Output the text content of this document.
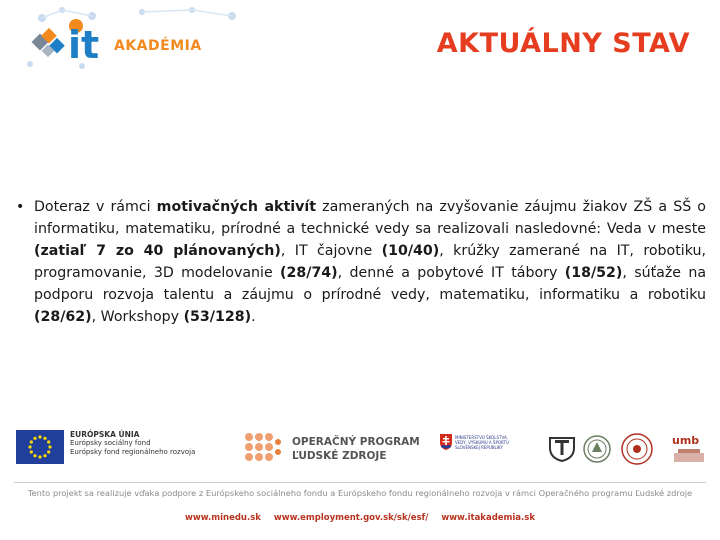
it AKADÉMIA	AKTUÁLNY STAV
• Doteraz v rámci motivačných aktivít zameraných na zvyšovanie záujmu žiakov ZŠ a SŠ o informatiku, matematiku, prírodné a technické vedy sa realizovali nasledovné: Veda v meste (zatiaľ 7 zo 40 plánovaných), IT čajovne (10/40), krúžky zamerané na IT, robotiku, programovanie, 3D modelovanie (28/74), denné a pobytové IT tábory (18/52), súťaže na podporu rozvoja talentu a záujmu o prírodné vedy, matematiku, informatiku a robotiku (28/62), Workshopy (53/128).
EURÓPSKA ÚNIA
Európsky sociálny fond
Európsky fond regionálneho rozvoja
OPERAČNÝ PROGRAM
ĽUDSKÉ ZDROJE
MINISTERSTVO ŠKOLSTVA, VEDY, VÝSKUMU A ŠPORTU SLOVENSKEJ REPUBLIKY	umb
Tento projekt sa realizuje vďaka podpore z Európskeho sociálneho fondu a Európskeho fondu regionálneho rozvoja v rámci Operačného programu Ľudské zdroje
www.minedu.sk www.employment.gov.sk/sk/esf/ www.itakademia.sk
